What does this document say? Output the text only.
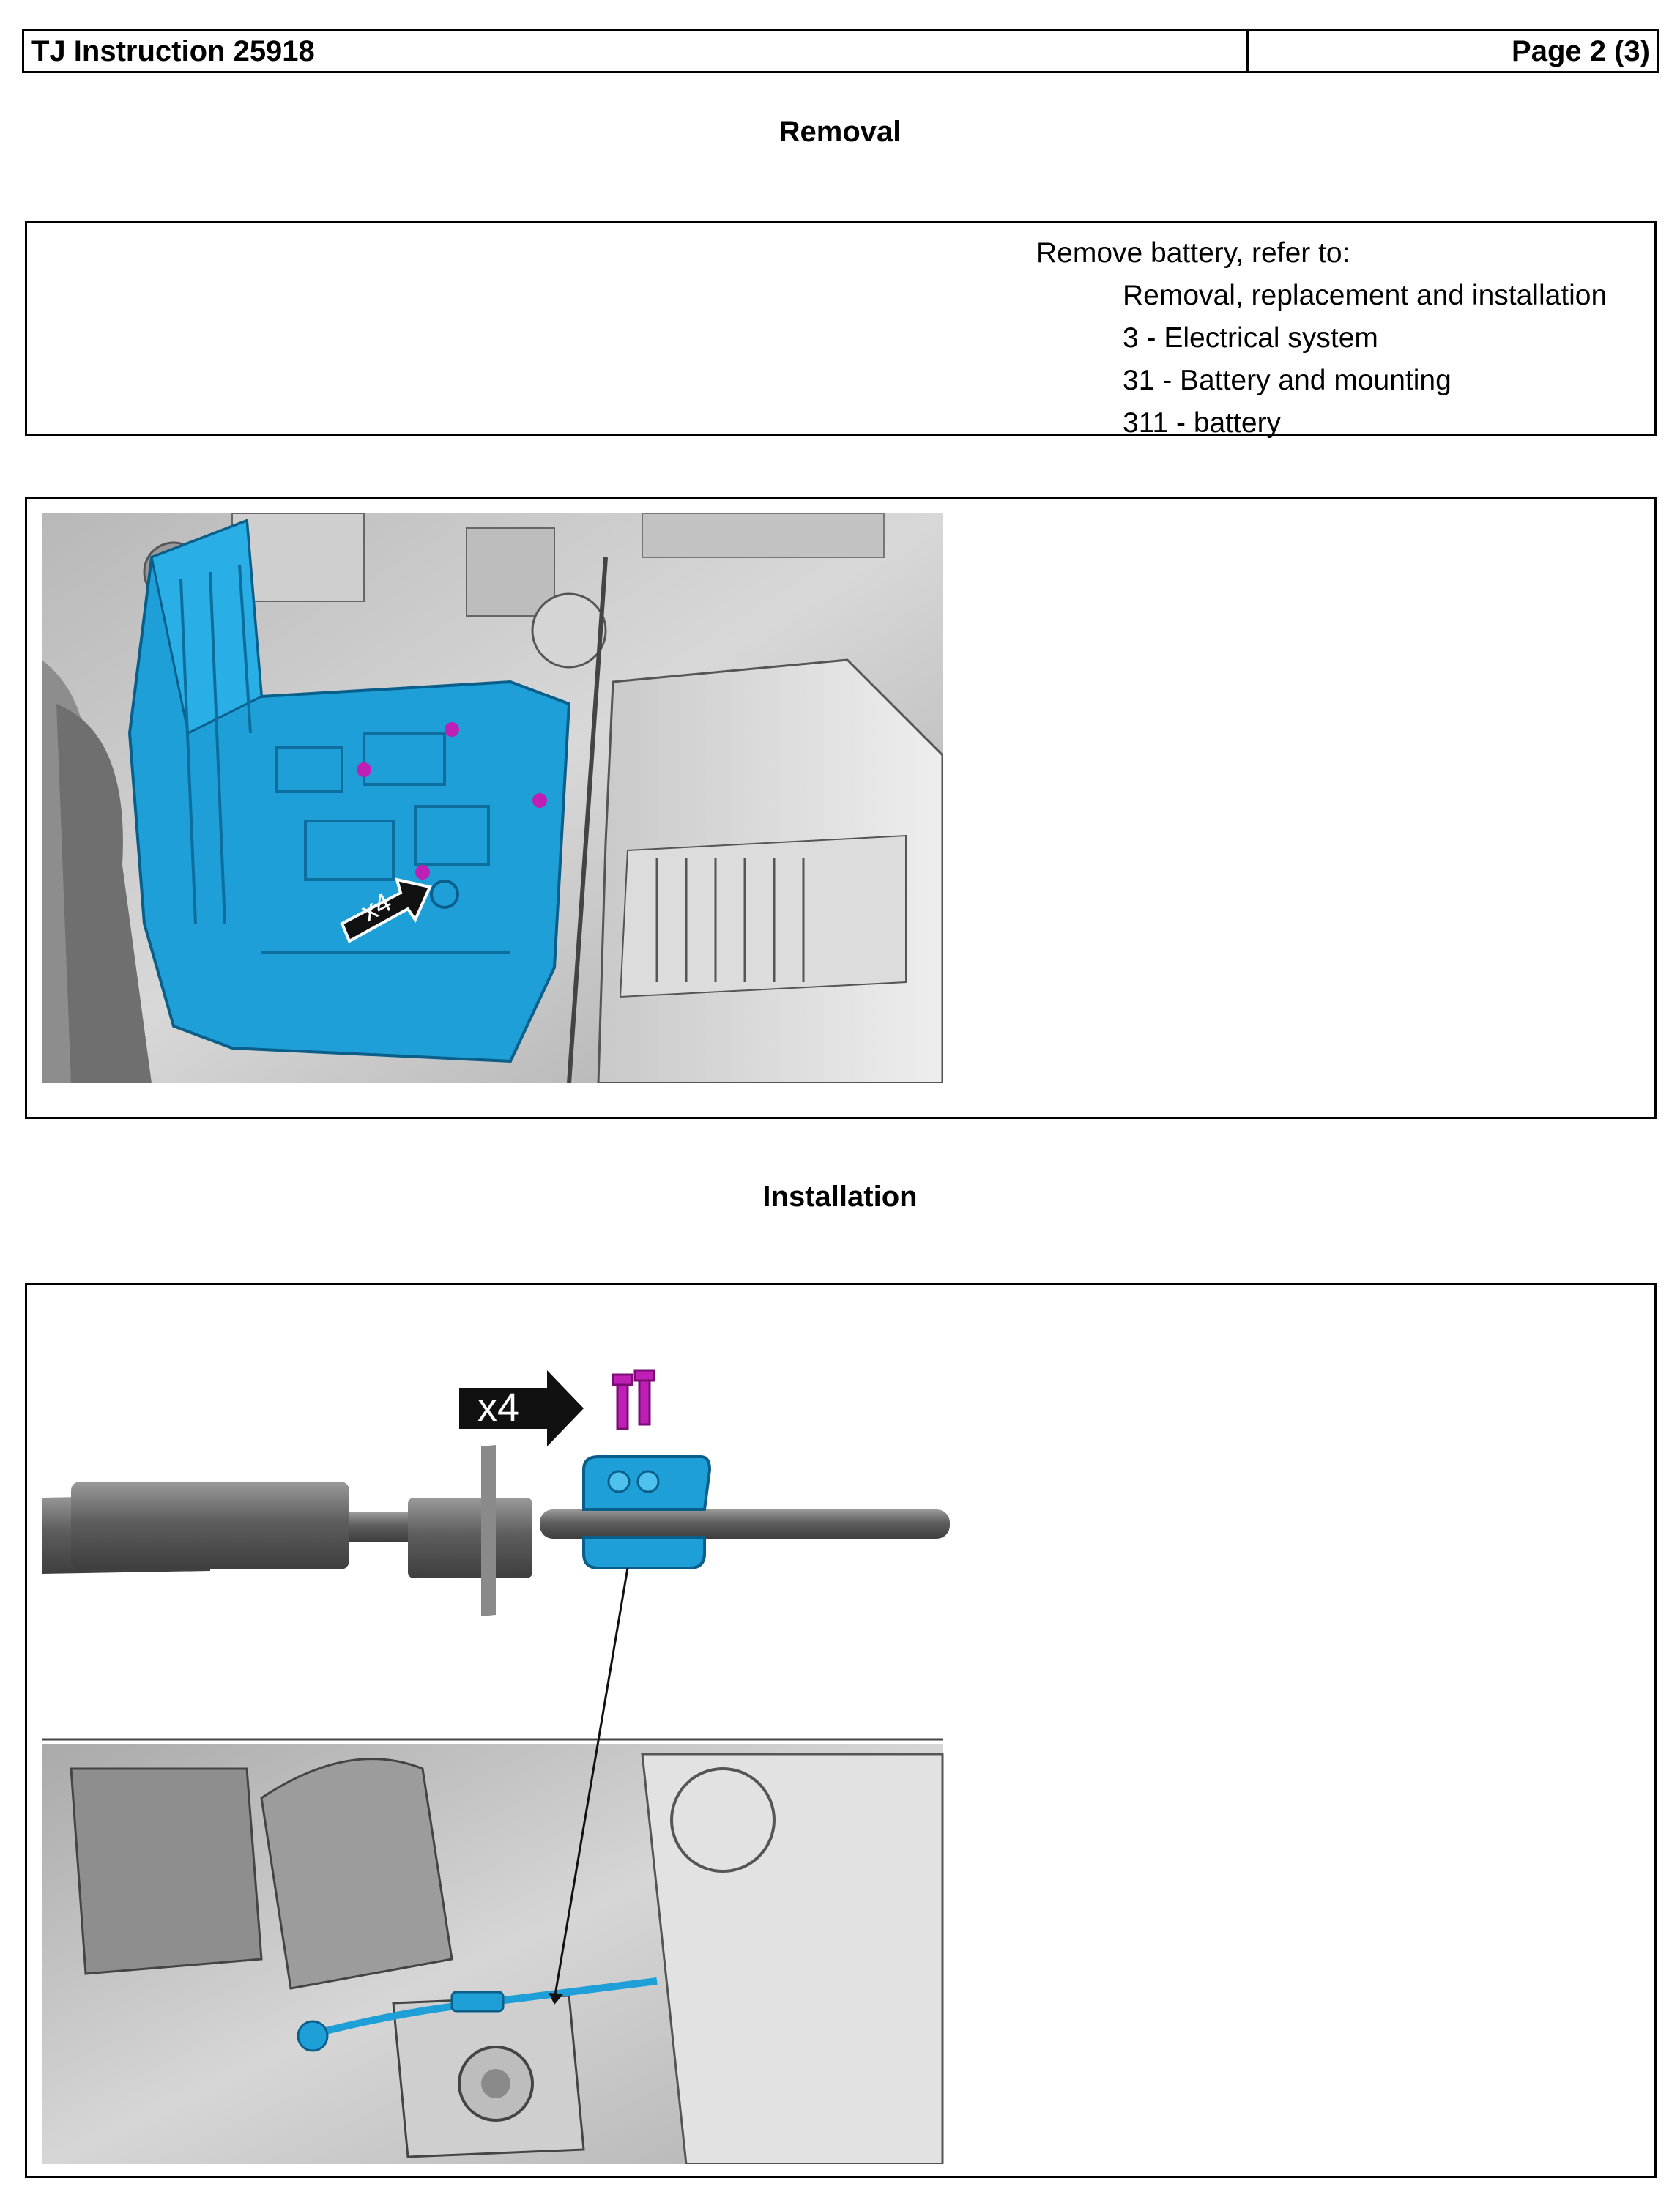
TJ Instruction 25918	Page 2 (3)
Removal
Remove battery, refer to:
Removal, replacement and installation
3 - Electrical system
31 - Battery and mounting
311 - battery
x4
Installation
x4
